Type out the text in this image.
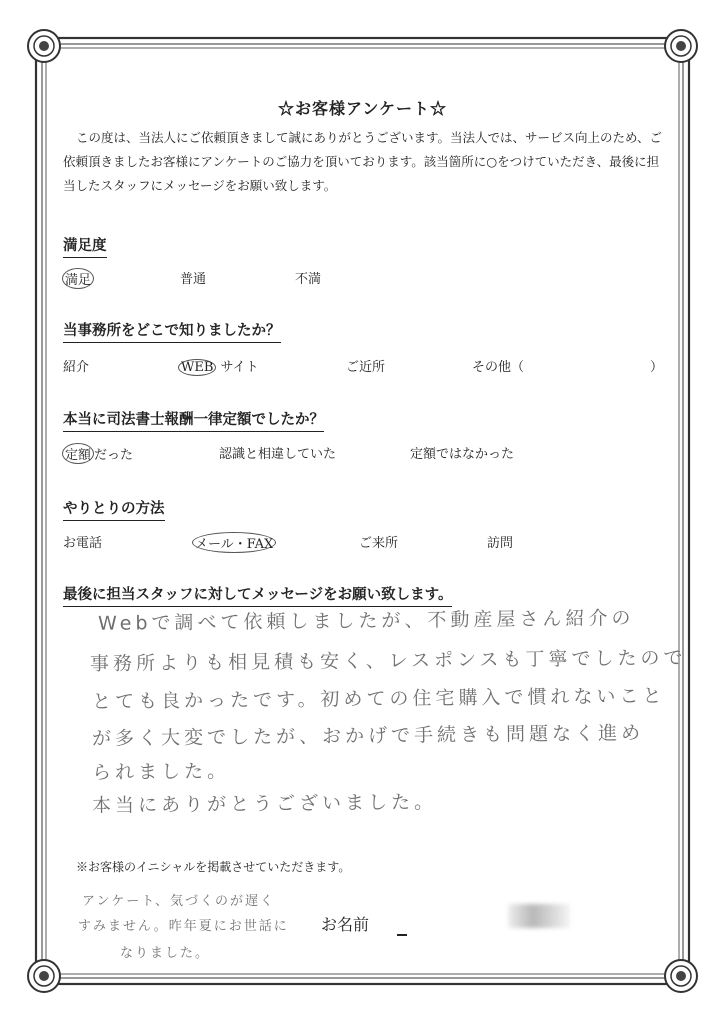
☆お客様アンケート☆
この度は、当法人にご依頼頂きまして誠にありがとうございます。当法人では、サービス向上のため、ご依頼頂きましたお客様にアンケートのご協力を頂いております。該当箇所に○をつけていただき、最後に担当したスタッフにメッセージをお願い致します。
満足度
満足	普通	不満
当事務所をどこで知りましたか？
紹介	WEB サイト	ご近所	その他（	）
本当に司法書士報酬一律定額でしたか？
定額 だった	認識と相違していた	定額ではなかった
やりとりの方法
お電話	メール・FAX	ご来所	訪問
最後に担当スタッフに対してメッセージをお願い致します。
Webで調べて依頼しましたが、不動産屋さん紹介の
事務所よりも相見積も安く、レスポンスも丁寧でしたので
とても良かったです。初めての住宅購入で慣れないこと
が多く大変でしたが、おかげで手続きも問題なく進め
られました。
本当にありがとうございました。
※お客様のイニシャルを掲載させていただきます。
アンケート、気づくのが遅く
すみません。昨年夏にお世話に
なりました。
お名前
